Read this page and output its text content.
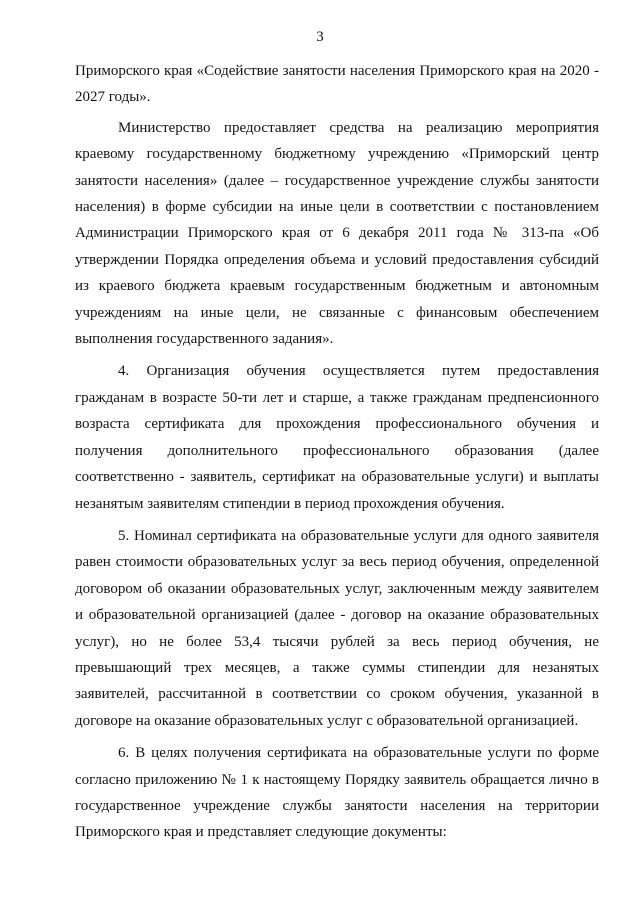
3

Приморского края «Содействие занятости населения Приморского края на 2020 - 2027 годы».

Министерство предоставляет средства на реализацию мероприятия краевому государственному бюджетному учреждению «Приморский центр занятости населения» (далее – государственное учреждение службы занятости населения) в форме субсидии на иные цели в соответствии с постановлением Администрации Приморского края от 6 декабря 2011 года № 313-па «Об утверждении Порядка определения объема и условий предоставления субсидий из краевого бюджета краевым государственным бюджетным и автономным учреждениям на иные цели, не связанные с финансовым обеспечением выполнения государственного задания».

4. Организация обучения осуществляется путем предоставления гражданам в возрасте 50-ти лет и старше, а также гражданам предпенсионного возраста сертификата для прохождения профессионального обучения и получения дополнительного профессионального образования (далее соответственно - заявитель, сертификат на образовательные услуги) и выплаты незанятым заявителям стипендии в период прохождения обучения.

5. Номинал сертификата на образовательные услуги для одного заявителя равен стоимости образовательных услуг за весь период обучения, определенной договором об оказании образовательных услуг, заключенным между заявителем и образовательной организацией (далее - договор на оказание образовательных услуг), но не более 53,4 тысячи рублей за весь период обучения, не превышающий трех месяцев, а также суммы стипендии для незанятых заявителей, рассчитанной в соответствии со сроком обучения, указанной в договоре на оказание образовательных услуг с образовательной организацией.

6. В целях получения сертификата на образовательные услуги по форме согласно приложению № 1 к настоящему Порядку заявитель обращается лично в государственное учреждение службы занятости населения на территории Приморского края и представляет следующие документы:
